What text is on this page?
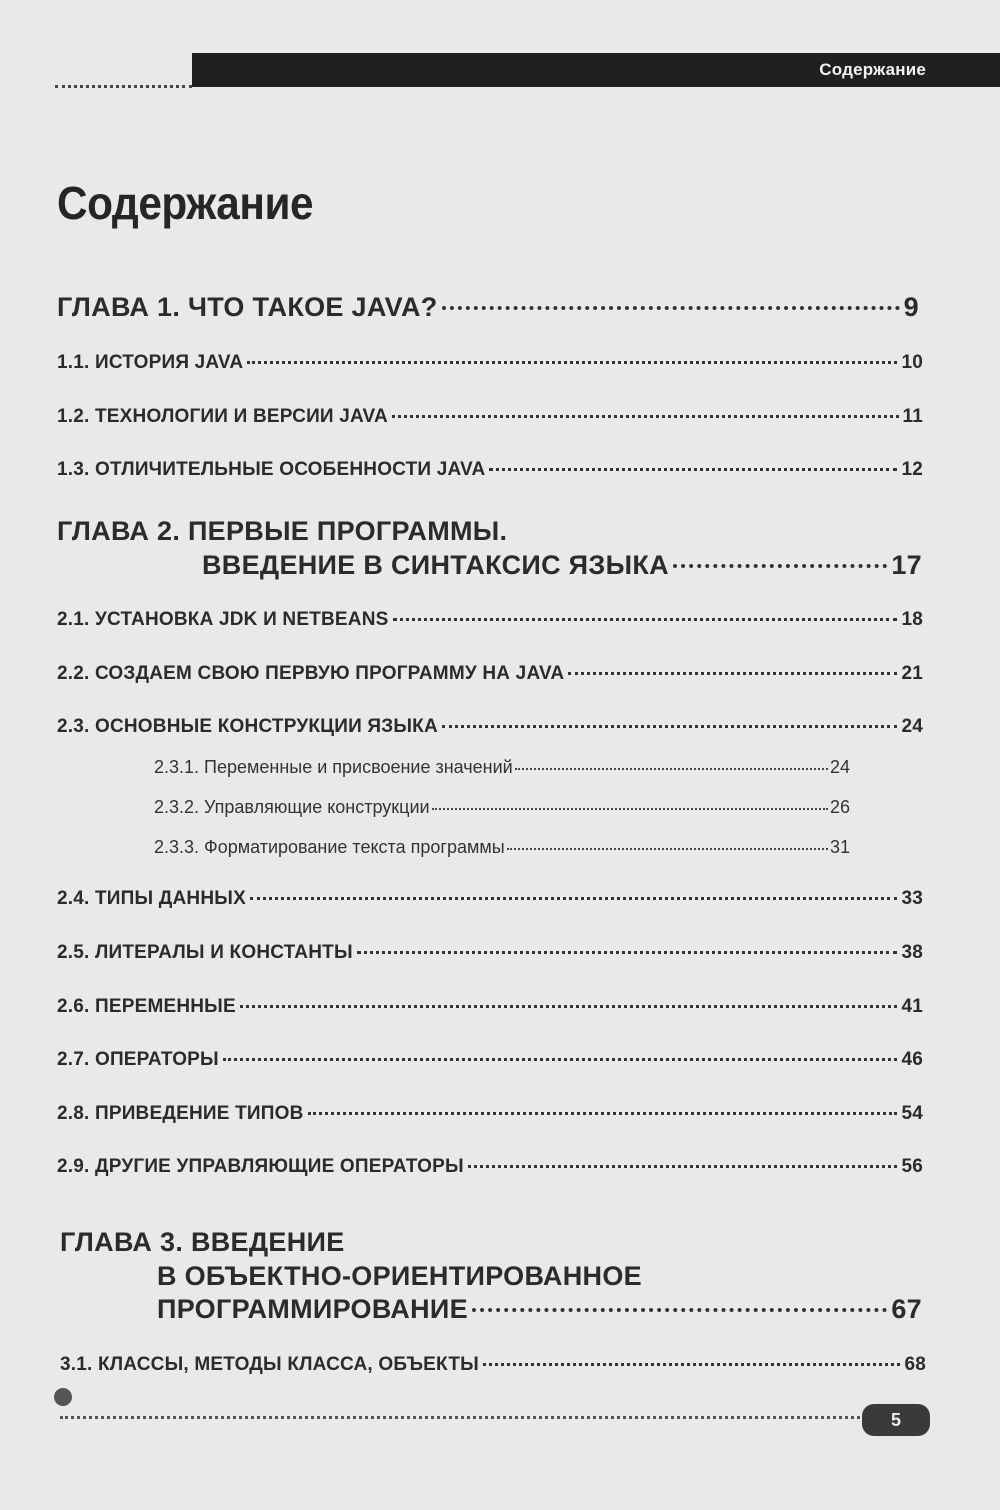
Содержание
Содержание
ГЛАВА 1. ЧТО ТАКОЕ JAVA?	9
1.1. ИСТОРИЯ JAVA	10
1.2. ТЕХНОЛОГИИ И ВЕРСИИ JAVA	11
1.3. ОТЛИЧИТЕЛЬНЫЕ ОСОБЕННОСТИ JAVA	12
ГЛАВА 2. ПЕРВЫЕ ПРОГРАММЫ.
ВВЕДЕНИЕ В СИНТАКСИС ЯЗЫКА	17
2.1. УСТАНОВКА JDK И NETBEANS	18
2.2. СОЗДАЕМ СВОЮ ПЕРВУЮ ПРОГРАММУ НА JAVA	21
2.3. ОСНОВНЫЕ КОНСТРУКЦИИ ЯЗЫКА	24
2.3.1. Переменные и присвоение значений	24
2.3.2. Управляющие конструкции	26
2.3.3. Форматирование текста программы	31
2.4. ТИПЫ ДАННЫХ	33
2.5. ЛИТЕРАЛЫ И КОНСТАНТЫ	38
2.6. ПЕРЕМЕННЫЕ	41
2.7. ОПЕРАТОРЫ	46
2.8. ПРИВЕДЕНИЕ ТИПОВ	54
2.9. ДРУГИЕ УПРАВЛЯЮЩИЕ ОПЕРАТОРЫ	56
ГЛАВА 3. ВВЕДЕНИЕ
В ОБЪЕКТНО-ОРИЕНТИРОВАННОЕ
ПРОГРАММИРОВАНИЕ	67
3.1. КЛАССЫ, МЕТОДЫ КЛАССА, ОБЪЕКТЫ	68
5
